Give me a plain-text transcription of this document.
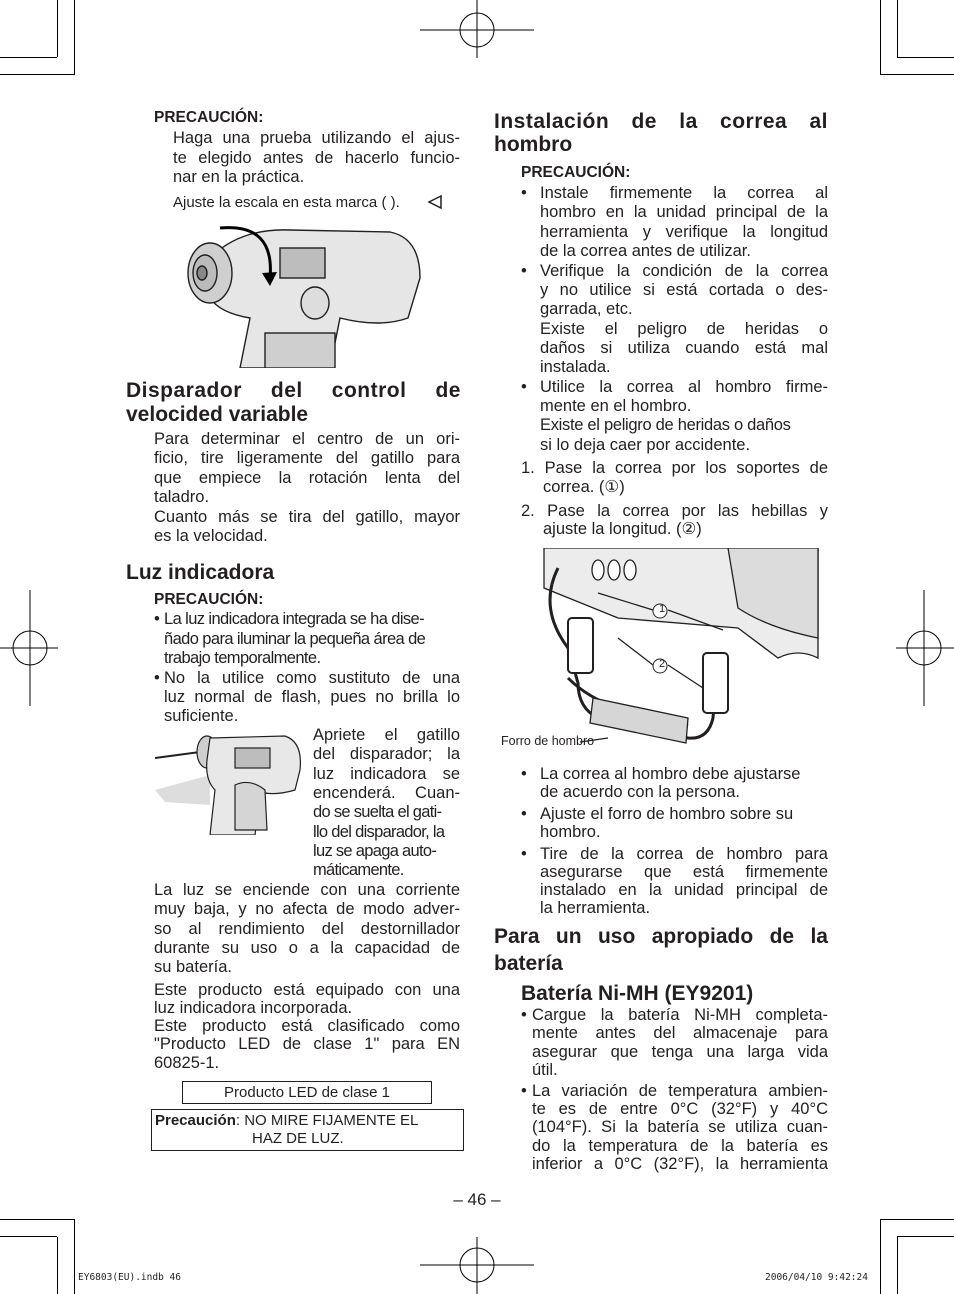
PRECAUCIÓN:
Haga una prueba utilizando el ajus-
te elegido antes de hacerlo funcio-
nar en la práctica.
Ajuste la escala en esta marca ( ).
Disparador del control de
velocided variable
Para determinar el centro de un ori-
ficio, tire ligeramente del gatillo para
que empiece la rotación lenta del
taladro.
Cuanto más se tira del gatillo, mayor
es la velocidad.
Luz indicadora
PRECAUCIÓN:
• La luz indicadora integrada se ha dise-
ñado para iluminar la pequeña área de
trabajo temporalmente.
• No la utilice como sustituto de una
luz normal de flash, pues no brilla lo
suficiente.
Apriete el gatillo
del disparador; la
luz indicadora se
encenderá. Cuan-
do se suelta el gati-
llo del disparador, la
luz se apaga auto-
máticamente.
La luz se enciende con una corriente
muy baja, y no afecta de modo adver-
so al rendimiento del destornillador
durante su uso o a la capacidad de
su batería.
Este producto está equipado con una
luz indicadora incorporada.
Este producto está clasificado como
"Producto LED de clase 1" para EN
60825-1.
Producto LED de clase 1
Precaución: NO MIRE FIJAMENTE EL
HAZ DE LUZ.
Instalación de la correa al
hombro
PRECAUCIÓN:
• Instale firmemente la correa al
hombro en la unidad principal de la
herramienta y verifique la longitud
de la correa antes de utilizar.
• Verifique la condición de la correa
y no utilice si está cortada o des-
garrada, etc.
Existe el peligro de heridas o
daños si utiliza cuando está mal
instalada.
• Utilice la correa al hombro firme-
mente en el hombro.
Existe el peligro de heridas o daños
si lo deja caer por accidente.
1. Pase la correa por los soportes de
correa. (①)
2. Pase la correa por las hebillas y
ajuste la longitud. (②)
1
2
Forro de hombro
• La correa al hombro debe ajustarse
de acuerdo con la persona.
• Ajuste el forro de hombro sobre su
hombro.
• Tire de la correa de hombro para
asegurarse que está firmemente
instalado en la unidad principal de
la herramienta.
Para un uso apropiado de la
batería
Batería Ni-MH (EY9201)
• Cargue la batería Ni-MH completa-
mente antes del almacenaje para
asegurar que tenga una larga vida
útil.
• La variación de temperatura ambien-
te es de entre 0°C (32°F) y 40°C
(104°F). Si la batería se utiliza cuan-
do la temperatura de la batería es
inferior a 0°C (32°F), la herramienta
– 46 –
EY6803(EU).indb 46	2006/04/10 9:42:24
